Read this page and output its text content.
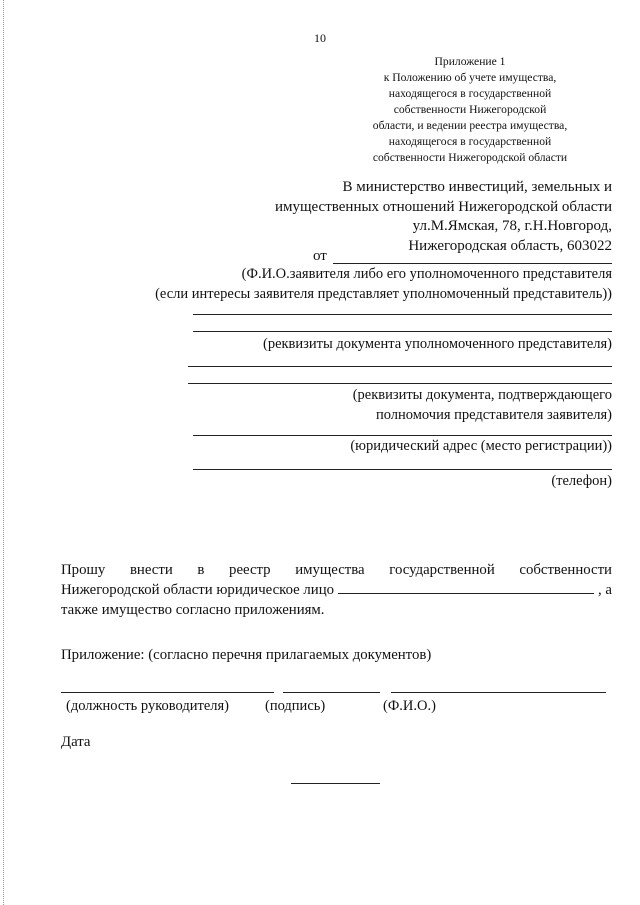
10
Приложение 1
к Положению об учете имущества,
находящегося в государственной
собственности Нижегородской
области, и ведении реестра имущества,
находящегося в государственной
собственности Нижегородской области
В министерство инвестиций, земельных и
имущественных отношений Нижегородской области
ул.М.Ямская, 78, г.Н.Новгород,
Нижегородская область, 603022
от
(Ф.И.О.заявителя либо его уполномоченного представителя
(если интересы заявителя представляет уполномоченный представитель))
(реквизиты документа уполномоченного представителя)
(реквизиты документа, подтверждающего
полномочия представителя заявителя)
(юридический адрес (место регистрации))
(телефон)
Прошу внести в реестр имущества государственной собственности
Нижегородской области юридическое лицо	, а
также имущество согласно приложениям.
Приложение: (согласно перечня прилагаемых документов)
(должность руководителя) (подпись)	(Ф.И.О.)
Дата
